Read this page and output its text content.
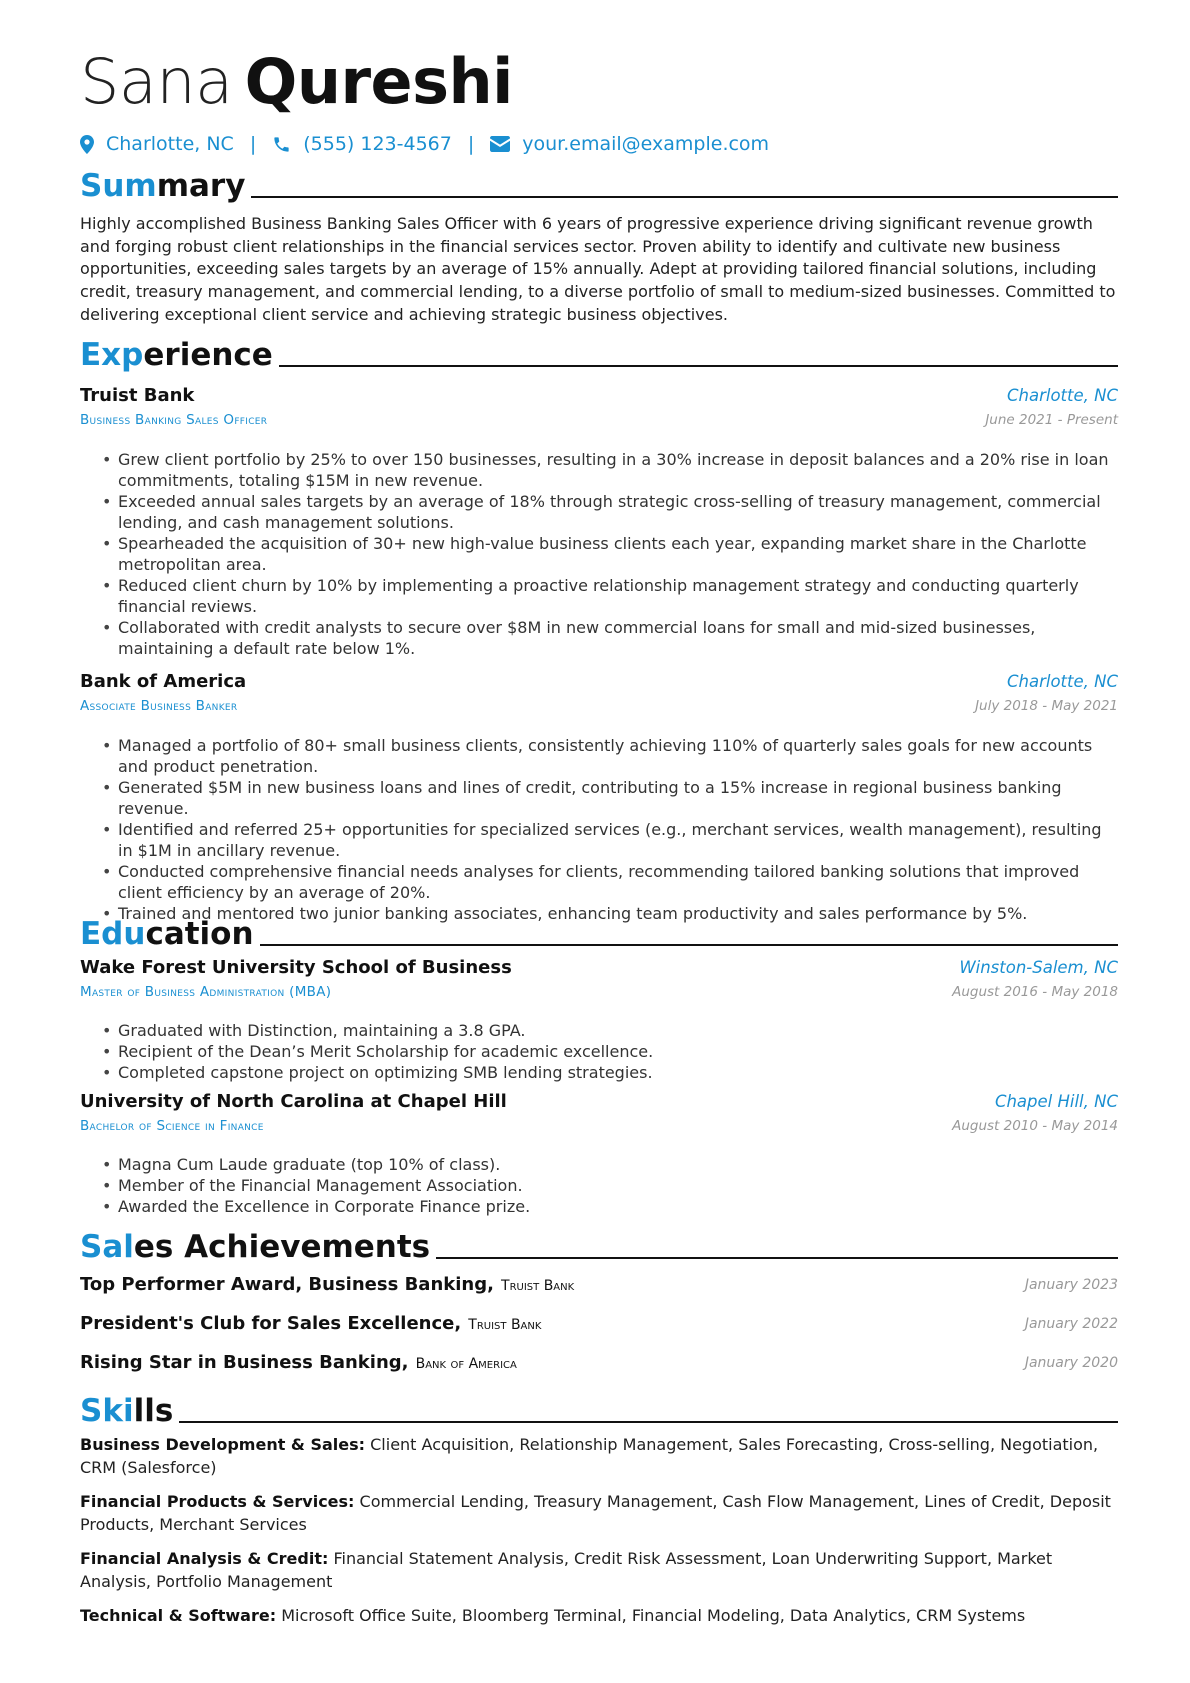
Sana Qureshi
Charlotte, NC | (555) 123-4567 |	your.email@example.com
Summary

Highly accomplished Business Banking Sales Officer with 6 years of progressive experience driving significant revenue growth and forging robust client relationships in the financial services sector. Proven ability to identify and cultivate new business opportunities, exceeding sales targets by an average of 15% annually. Adept at providing tailored financial solutions, including credit, treasury management, and commercial lending, to a diverse portfolio of small to medium-sized businesses. Committed to delivering exceptional client service and achieving strategic business objectives.

Experience
Truist Bank	Charlotte, NC
Business Banking Sales Officer	June 2021 - Present
• Grew client portfolio by 25% to over 150 businesses, resulting in a 30% increase in deposit balances and a 20% rise in loan commitments, totaling $15M in new revenue.
• Exceeded annual sales targets by an average of 18% through strategic cross-selling of treasury management, commercial lending, and cash management solutions.
• Spearheaded the acquisition of 30+ new high-value business clients each year, expanding market share in the Charlotte metropolitan area.
• Reduced client churn by 10% by implementing a proactive relationship management strategy and conducting quarterly financial reviews.
• Collaborated with credit analysts to secure over $8M in new commercial loans for small and mid-sized businesses, maintaining a default rate below 1%.
Bank of America	Charlotte, NC
Associate Business Banker	July 2018 - May 2021
• Managed a portfolio of 80+ small business clients, consistently achieving 110% of quarterly sales goals for new accounts and product penetration.
• Generated $5M in new business loans and lines of credit, contributing to a 15% increase in regional business banking revenue.
• Identified and referred 25+ opportunities for specialized services (e.g., merchant services, wealth management), resulting in $1M in ancillary revenue.
• Conducted comprehensive financial needs analyses for clients, recommending tailored banking solutions that improved client efficiency by an average of 20%.
• Trained and mentored two junior banking associates, enhancing team productivity and sales performance by 5%.
Education
Wake Forest University School of Business	Winston-Salem, NC
Master of Business Administration (MBA)	August 2016 - May 2018
• Graduated with Distinction, maintaining a 3.8 GPA.
• Recipient of the Dean’s Merit Scholarship for academic excellence.
• Completed capstone project on optimizing SMB lending strategies.
University of North Carolina at Chapel Hill	Chapel Hill, NC
Bachelor of Science in Finance	August 2010 - May 2014
• Magna Cum Laude graduate (top 10% of class).
• Member of the Financial Management Association.
• Awarded the Excellence in Corporate Finance prize.
Sales Achievements
Top Performer Award, Business Banking, Truist Bank	January 2023
President's Club for Sales Excellence, Truist Bank	January 2022
Rising Star in Business Banking, Bank of America	January 2020
Skills

Business Development & Sales: Client Acquisition, Relationship Management, Sales Forecasting, Cross-selling, Negotiation, CRM (Salesforce)

Financial Products & Services: Commercial Lending, Treasury Management, Cash Flow Management, Lines of Credit, Deposit Products, Merchant Services

Financial Analysis & Credit: Financial Statement Analysis, Credit Risk Assessment, Loan Underwriting Support, Market Analysis, Portfolio Management

Technical & Software: Microsoft Office Suite, Bloomberg Terminal, Financial Modeling, Data Analytics, CRM Systems
